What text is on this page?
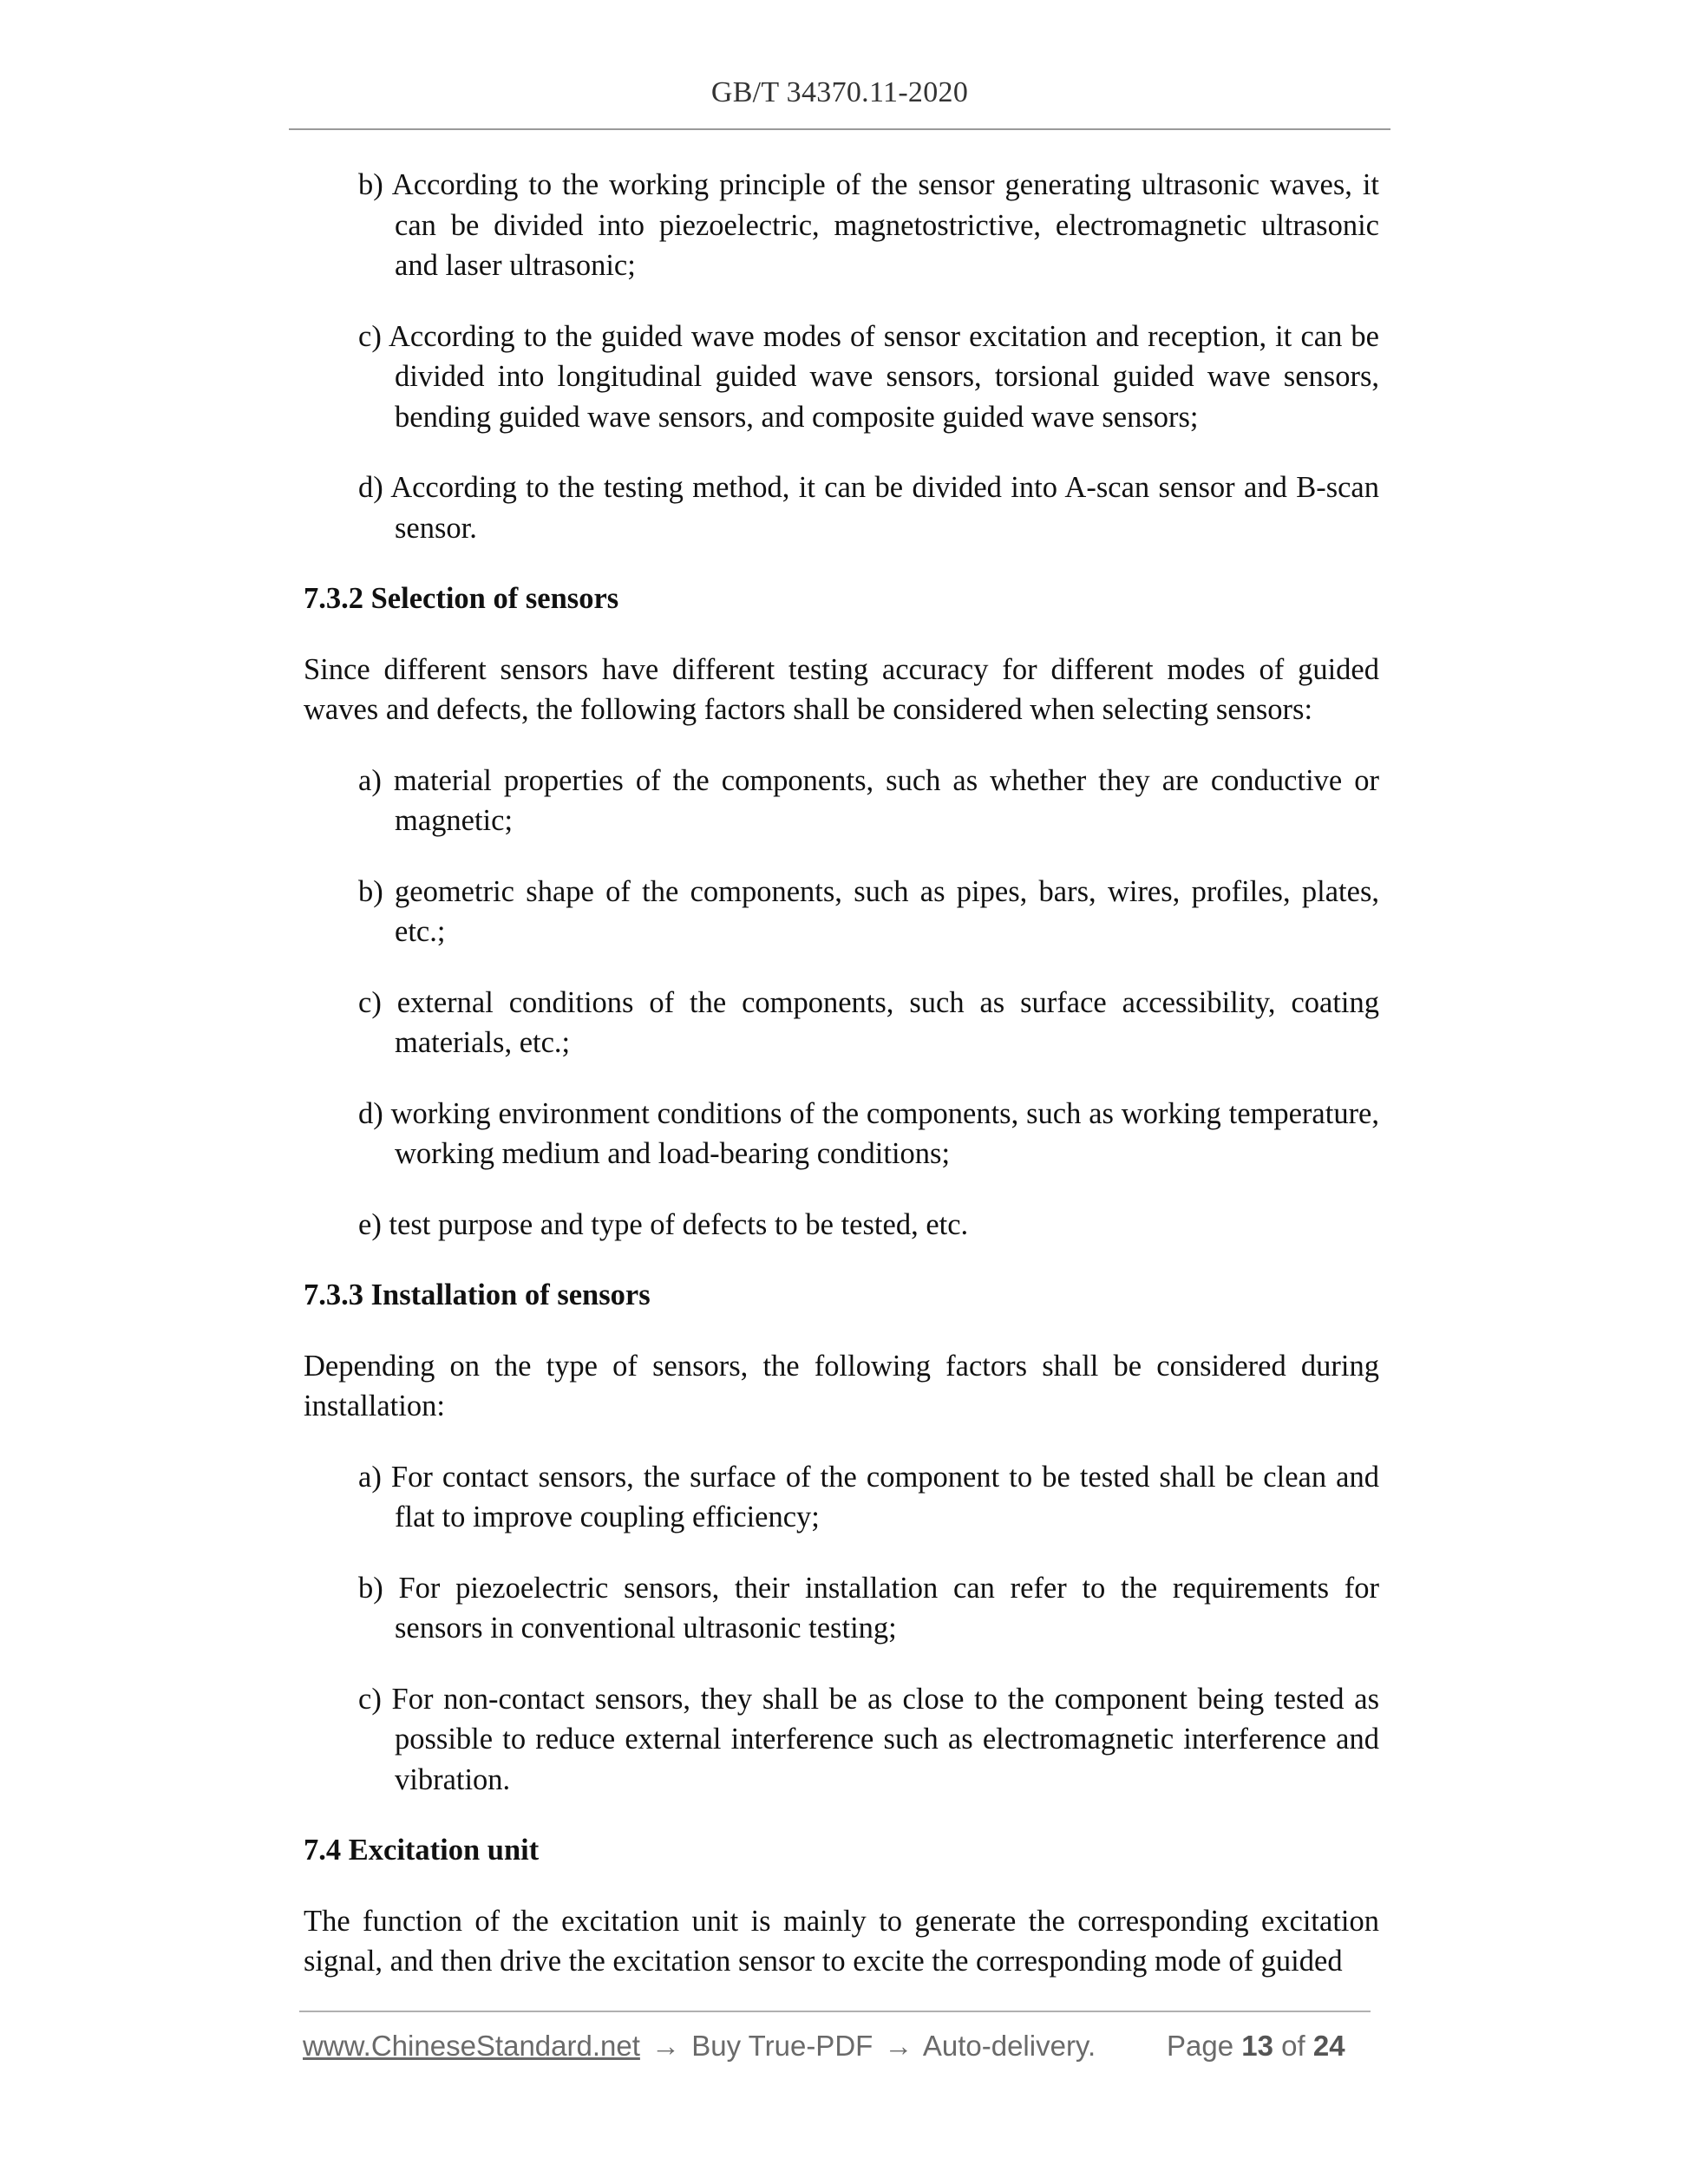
GB/T 34370.11-2020
b) According to the working principle of the sensor generating ultrasonic waves, it can be divided into piezoelectric, magnetostrictive, electromagnetic ultrasonic and laser ultrasonic;
c) According to the guided wave modes of sensor excitation and reception, it can be divided into longitudinal guided wave sensors, torsional guided wave sensors, bending guided wave sensors, and composite guided wave sensors;
d) According to the testing method, it can be divided into A-scan sensor and B-scan sensor.
7.3.2 Selection of sensors
Since different sensors have different testing accuracy for different modes of guided waves and defects, the following factors shall be considered when selecting sensors:
a) material properties of the components, such as whether they are conductive or magnetic;
b) geometric shape of the components, such as pipes, bars, wires, profiles, plates, etc.;
c) external conditions of the components, such as surface accessibility, coating materials, etc.;
d) working environment conditions of the components, such as working temperature, working medium and load-bearing conditions;
e) test purpose and type of defects to be tested, etc.
7.3.3 Installation of sensors
Depending on the type of sensors, the following factors shall be considered during installation:
a) For contact sensors, the surface of the component to be tested shall be clean and flat to improve coupling efficiency;
b) For piezoelectric sensors, their installation can refer to the requirements for sensors in conventional ultrasonic testing;
c) For non-contact sensors, they shall be as close to the component being tested as possible to reduce external interference such as electromagnetic interference and vibration.
7.4 Excitation unit
The function of the excitation unit is mainly to generate the corresponding excitation signal, and then drive the excitation sensor to excite the corresponding mode of guided
www.ChineseStandard.net → Buy True-PDF → Auto-delivery. Page 13 of 24
